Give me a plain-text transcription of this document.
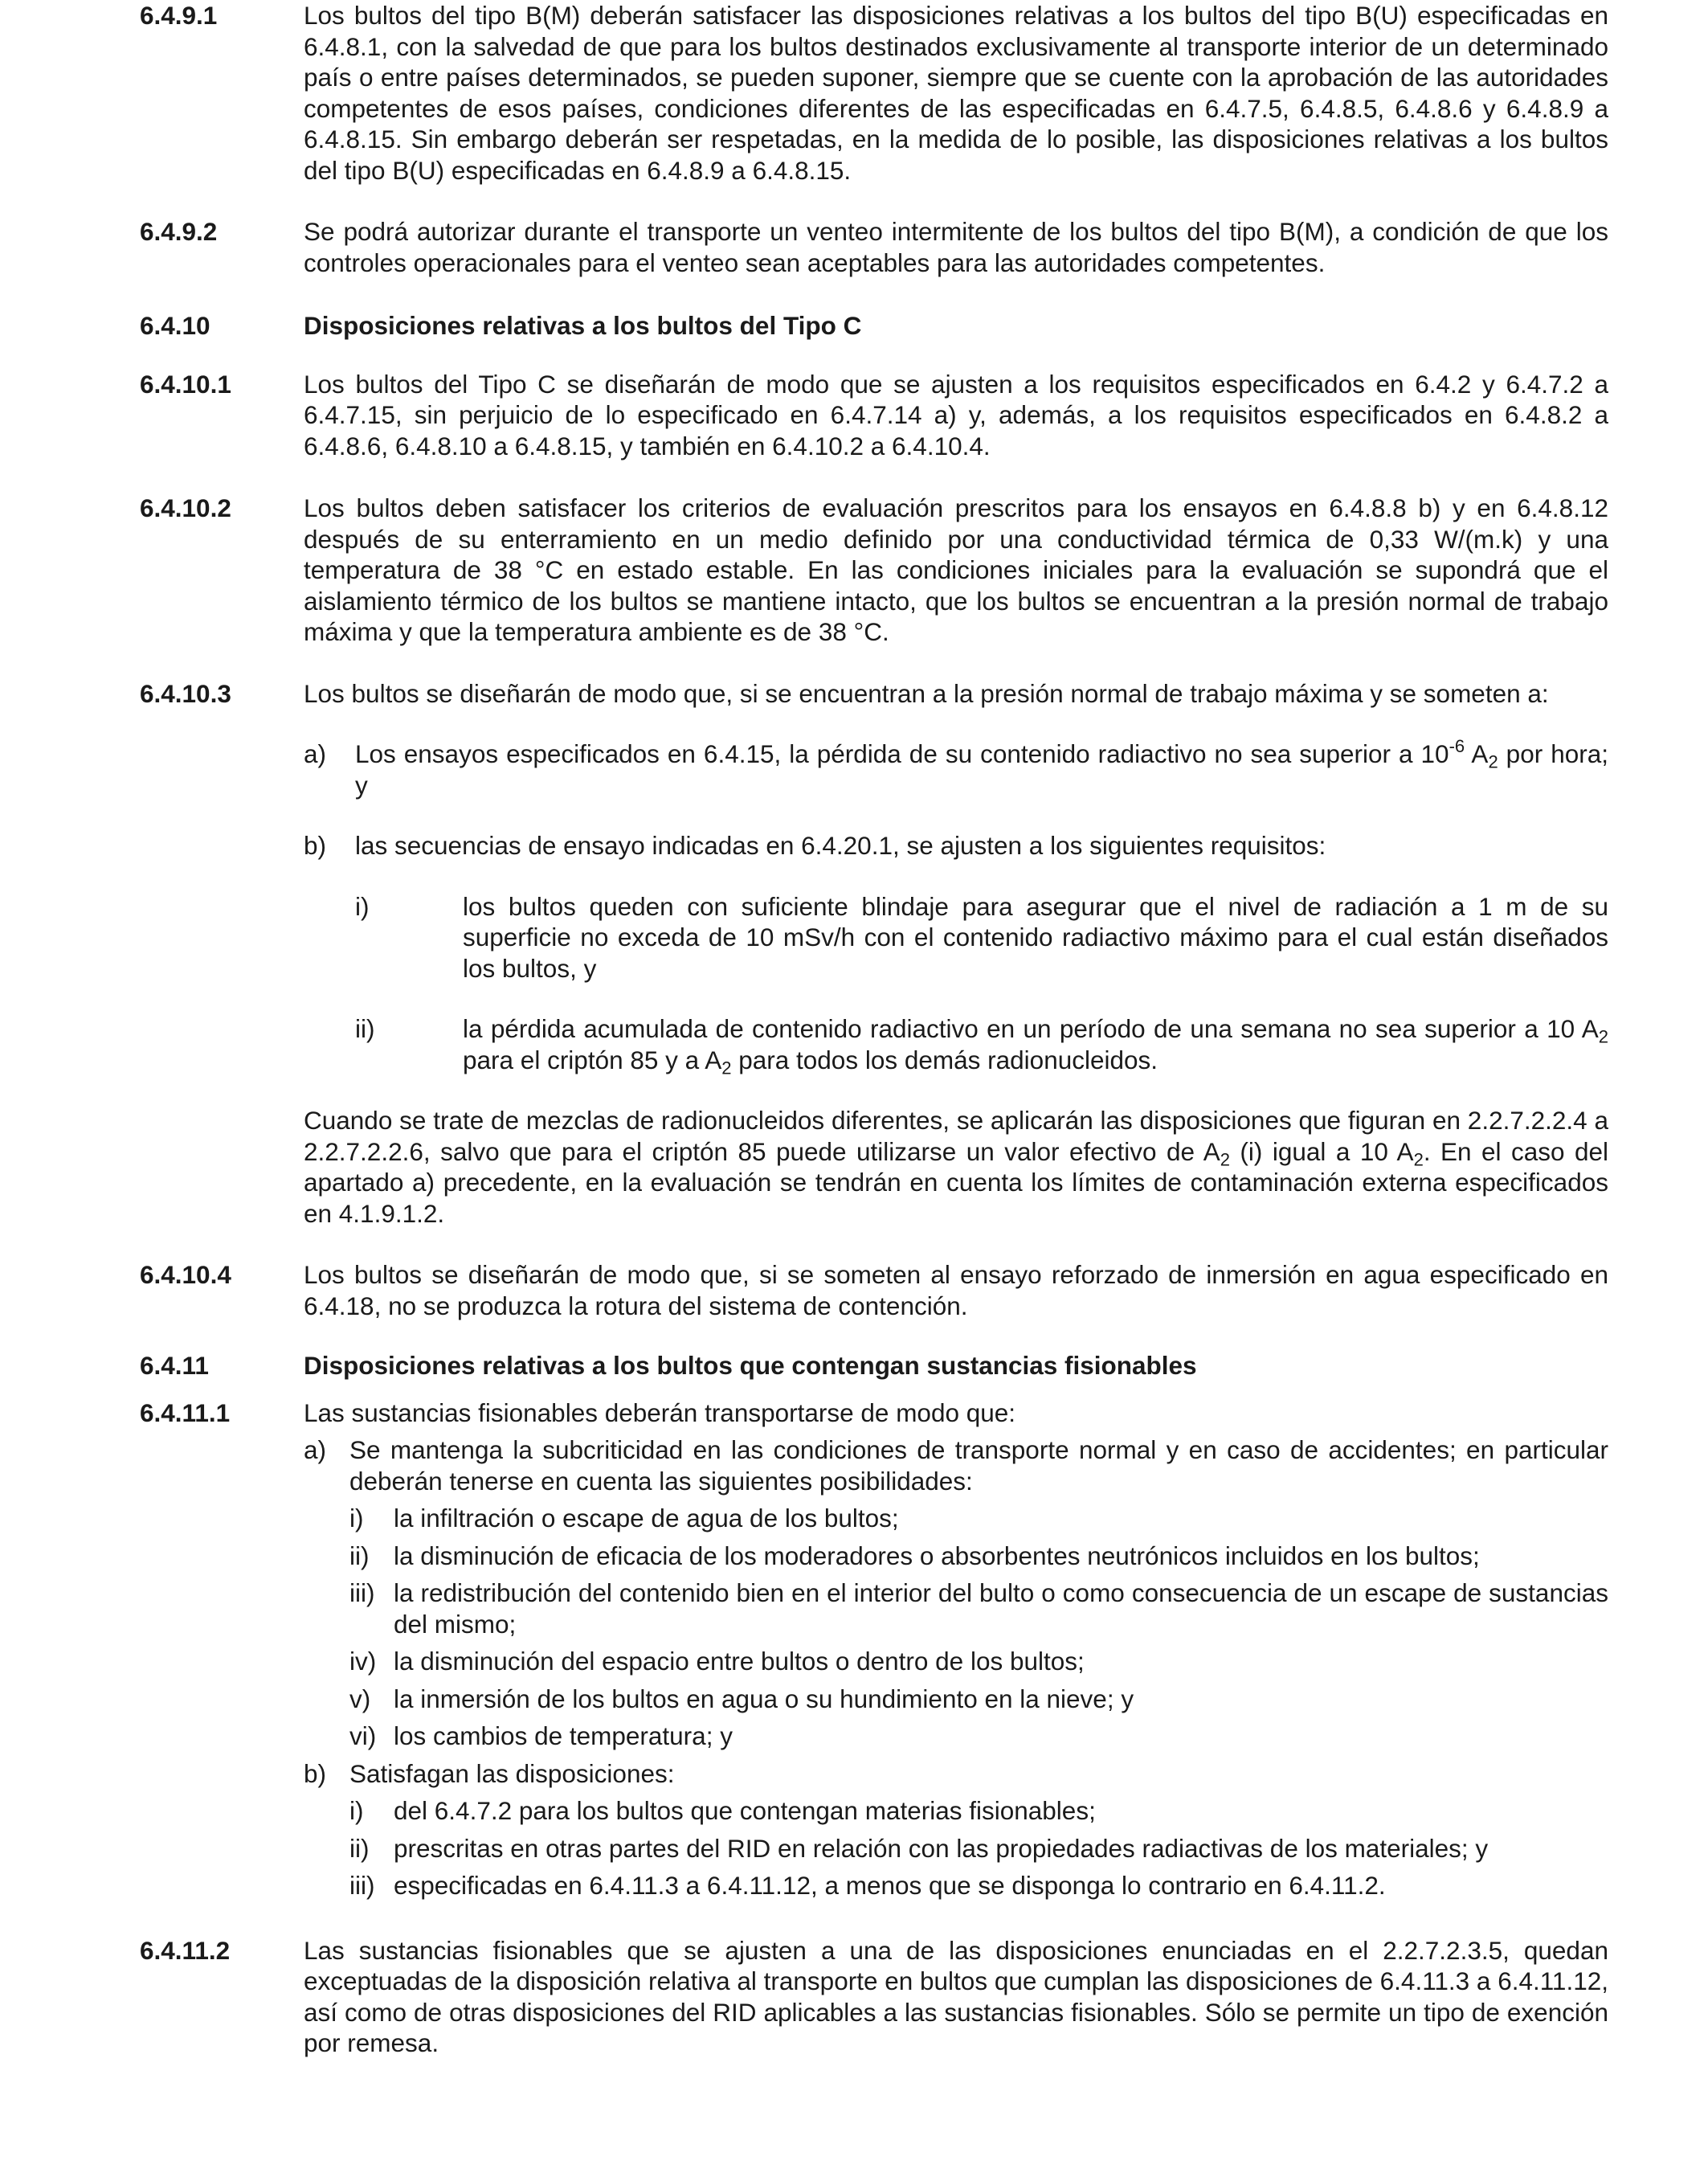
6.4.9.1	Los bultos del tipo B(M) deberán satisfacer las disposiciones relativas a los bultos del tipo B(U) especificadas en 6.4.8.1, con la salvedad de que para los bultos destinados exclusivamente al transporte interior de un determinado país o entre países determinados, se pueden suponer, siempre que se cuente con la aprobación de las autoridades competentes de esos países, condiciones diferentes de las especificadas en 6.4.7.5, 6.4.8.5, 6.4.8.6 y 6.4.8.9 a 6.4.8.15. Sin embargo deberán ser respetadas, en la medida de lo posible, las disposiciones relativas a los bultos del tipo B(U) especificadas en 6.4.8.9 a 6.4.8.15.
6.4.9.2	Se podrá autorizar durante el transporte un venteo intermitente de los bultos del tipo B(M), a condición de que los controles operacionales para el venteo sean aceptables para las autoridades competentes.
6.4.10	Disposiciones relativas a los bultos del Tipo C
6.4.10.1	Los bultos del Tipo C se diseñarán de modo que se ajusten a los requisitos especificados en 6.4.2 y 6.4.7.2 a 6.4.7.15, sin perjuicio de lo especificado en 6.4.7.14 a) y, además, a los requisitos especificados en 6.4.8.2 a 6.4.8.6, 6.4.8.10 a 6.4.8.15, y también en 6.4.10.2 a 6.4.10.4.
6.4.10.2	Los bultos deben satisfacer los criterios de evaluación prescritos para los ensayos en 6.4.8.8 b) y en 6.4.8.12 después de su enterramiento en un medio definido por una conductividad térmica de 0,33 W/(m.k) y una temperatura de 38 °C en estado estable. En las condiciones iniciales para la evaluación se supondrá que el aislamiento térmico de los bultos se mantiene intacto, que los bultos se encuentran a la presión normal de trabajo máxima y que la temperatura ambiente es de 38 °C.
6.4.10.3	Los bultos se diseñarán de modo que, si se encuentran a la presión normal de trabajo máxima y se someten a:
a)	Los ensayos especificados en 6.4.15, la pérdida de su contenido radiactivo no sea superior a $10^{-6}$ $A_2$ por hora; y
b)	las secuencias de ensayo indicadas en 6.4.20.1, se ajusten a los siguientes requisitos:
i)	los bultos queden con suficiente blindaje para asegurar que el nivel de radiación a 1 m de su superficie no exceda de 10 mSv/h con el contenido radiactivo máximo para el cual están diseñados los bultos, y
ii)	la pérdida acumulada de contenido radiactivo en un período de una semana no sea superior a 10 $A_2$ para el criptón 85 y a $A_2$ para todos los demás radionucleidos.
Cuando se trate de mezclas de radionucleidos diferentes, se aplicarán las disposiciones que figuran en 2.2.7.2.2.4 a 2.2.7.2.2.6, salvo que para el criptón 85 puede utilizarse un valor efectivo de $A_2$ (i) igual a 10 $A_2$. En el caso del apartado a) precedente, en la evaluación se tendrán en cuenta los límites de contaminación externa especificados en 4.1.9.1.2.
6.4.10.4	Los bultos se diseñarán de modo que, si se someten al ensayo reforzado de inmersión en agua especificado en 6.4.18, no se produzca la rotura del sistema de contención.
6.4.11	Disposiciones relativas a los bultos que contengan sustancias fisionables
6.4.11.1	Las sustancias fisionables deberán transportarse de modo que:
a) Se mantenga la subcriticidad en las condiciones de transporte normal y en caso de accidentes; en particular deberán tenerse en cuenta las siguientes posibilidades:
i)	la infiltración o escape de agua de los bultos;
ii) la disminución de eficacia de los moderadores o absorbentes neutrónicos incluidos en los bultos;
iii) la redistribución del contenido bien en el interior del bulto o como consecuencia de un escape de sustancias del mismo;
iv) la disminución del espacio entre bultos o dentro de los bultos;
v) la inmersión de los bultos en agua o su hundimiento en la nieve; y
vi) los cambios de temperatura; y
b) Satisfagan las disposiciones:
i)	del 6.4.7.2 para los bultos que contengan materias fisionables;
ii) prescritas en otras partes del RID en relación con las propiedades radiactivas de los materiales; y
iii) especificadas en 6.4.11.3 a 6.4.11.12, a menos que se disponga lo contrario en 6.4.11.2.
6.4.11.2	Las sustancias fisionables que se ajusten a una de las disposiciones enunciadas en el 2.2.7.2.3.5, quedan exceptuadas de la disposición relativa al transporte en bultos que cumplan las disposiciones de 6.4.11.3 a 6.4.11.12, así como de otras disposiciones del RID aplicables a las sustancias fisionables. Sólo se permite un tipo de exención por remesa.
